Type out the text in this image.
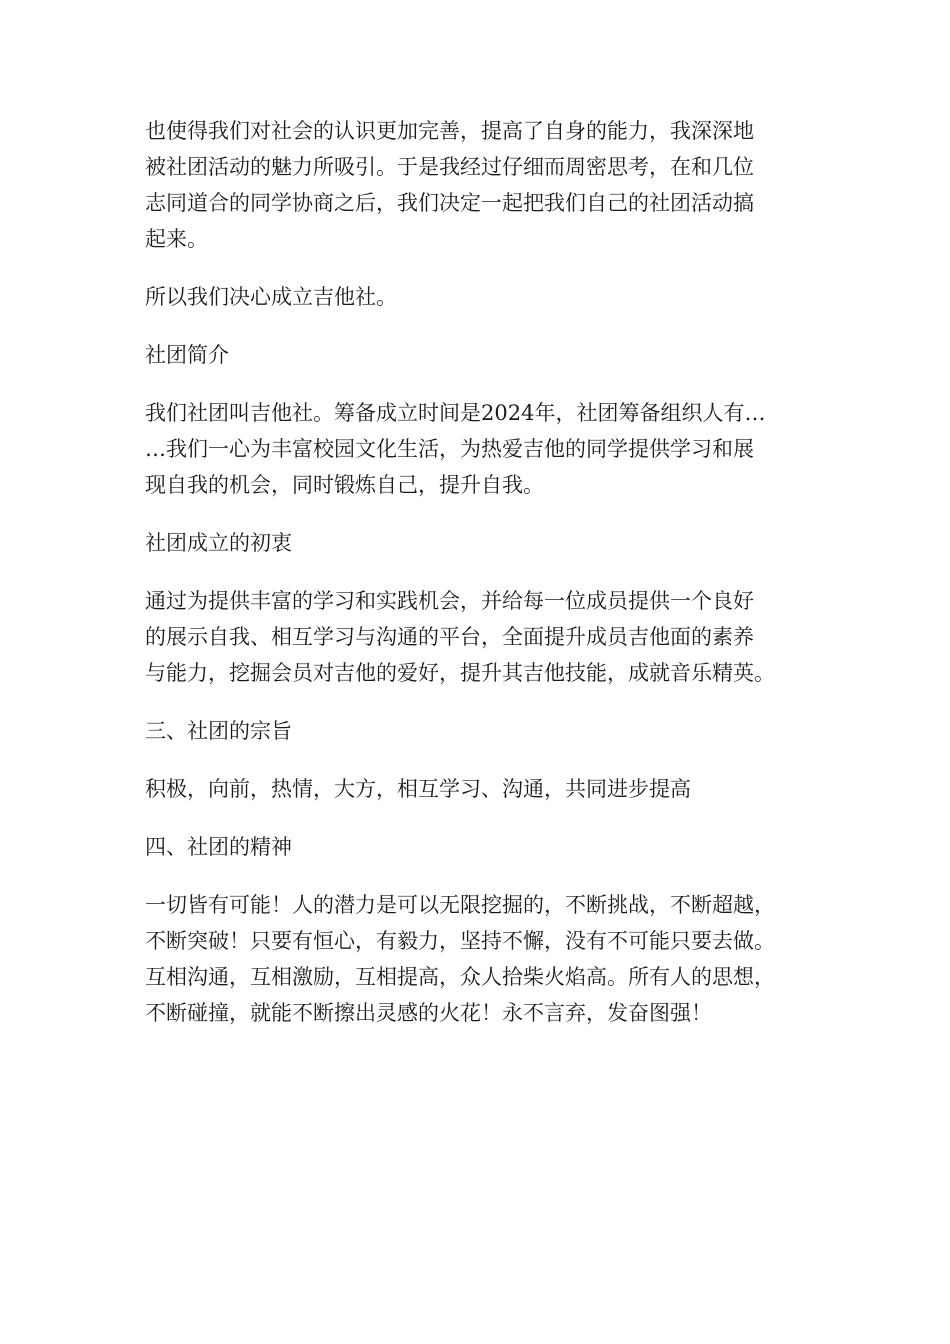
也使得我们对社会的认识更加完善，提高了自身的能力，我深深地
被社团活动的魅力所吸引。于是我经过仔细而周密思考，在和几位
志同道合的同学协商之后，我们决定一起把我们自己的社团活动搞
起来。

所以我们决心成立吉他社。

社团简介

我们社团叫吉他社。筹备成立时间是2024年，社团筹备组织人有…
…我们一心为丰富校园文化生活，为热爱吉他的同学提供学习和展
现自我的机会，同时锻炼自己，提升自我。

社团成立的初衷

通过为提供丰富的学习和实践机会，并给每一位成员提供一个良好
的展示自我、相互学习与沟通的平台，全面提升成员吉他面的素养
与能力，挖掘会员对吉他的爱好，提升其吉他技能，成就音乐精英。

三、社团的宗旨

积极，向前，热情，大方，相互学习、沟通，共同进步提高

四、社团的精神

一切皆有可能！人的潜力是可以无限挖掘的，不断挑战，不断超越，
不断突破！只要有恒心，有毅力，坚持不懈，没有不可能只要去做。
互相沟通，互相激励，互相提高，众人拾柴火焰高。所有人的思想，
不断碰撞，就能不断擦出灵感的火花！永不言弃，发奋图强！
